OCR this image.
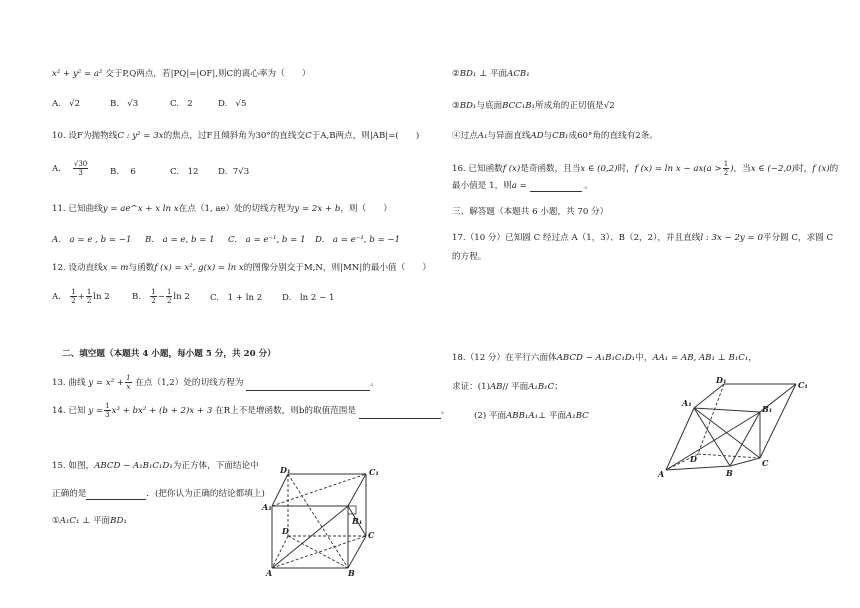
x² + y² = a² 交于P,Q两点，若|PQ|=|OF|,则C的离心率为（　　）
A. √2	B. √3	C. 2	D. √5
10. 设F为抛物线C : y² = 3x的焦点，过F且倾斜角为30°的直线交C于A,B两点，则|AB|=(　　)
A. $\frac{√30}{3}$	B.　 6	C.　12 D. 7√3
11. 已知曲线y = ae^x + x ln x在点（1, ae）处的切线方程为y = 2x + b，则（　　）
A.　a = e , b = −1 B.　a = e, b = 1 C.　a = e⁻¹, b = 1 D.　a = e⁻¹, b = −1
12. 设动直线x = m与函数f (x) = x², g(x) = ln x的图像分别交于M,N，则|MN|的最小值（　　）
A. $\frac{1}{2} + \frac{1}{2}$ ln 2	B. $\frac{1}{2} - \frac{1}{2}$ ln 2 C.　1 + ln 2 D.　ln 2 − 1
二、填空题（本题共 4 小题，每小题 5 分，共 20 分）
13. 曲线 $y = x^2 + \frac{1}{x}$ 在点（1,2）处的切线方程为	。
14. 已知 $y = \frac{1}{3} x^3 + bx^2 + (b + 2)x + 3$ 在R上不是增函数，则b的取值范围是	。
15. 如图，ABCD − A₁B₁C₁D₁为正方体，下面结论中
正确的是	．(把你认为正确的结论都填上)
①A₁C₁ ⊥ 平面BD₁
D₁	C₁
A₁
B₁
D	C
A	B
②BD₁ ⊥ 平面ACB₁
③BD₁与底面BCC₁B₁所成角的正切值是√2
④过点A₁与异面直线AD与CB₁成60°角的直线有2条。
16. 已知函数f (x)是奇函数，且当x ∈ (0,2)时，f $(x) = \ln x - ax(a > \frac{1}{2}$ )，当x ∈ (−2,0)时，f (x)的
最小值是 1，则a =	。
三、解答题（本题共 6 小题，共 70 分）
17.（10 分）已知圆 C 经过点 A（1，3）、B（2，2），并且直线l : 3x − 2y = 0平分圆 C，求圆 C
的方程。
18.（12 分）在平行六面体ABCD − A₁B₁C₁D₁中，AA₁ = AB, AB₁ ⊥ B₁C₁，
求证：(1)AB// 平面A₁B₁C；
(2) 平面ABB₁A₁⊥ 平面A₁BC
D₁	C₁
A₁
B₁
D	C
A	B
